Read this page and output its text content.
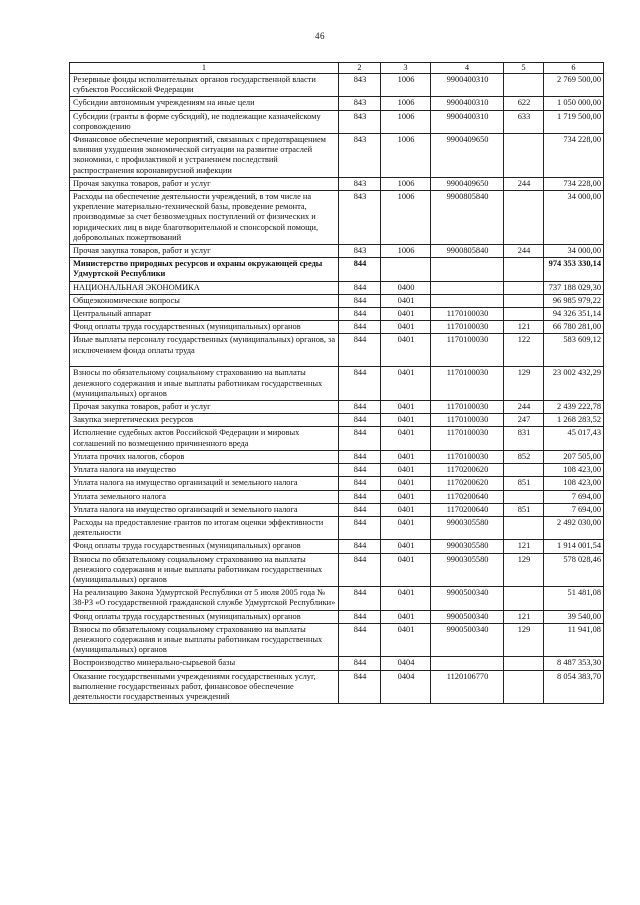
46
1	2	3	4	5	6
Резервные фонды исполнительных органов государственной власти субъектов Российской Федерации	843	1006	9900400310		2 769 500,00
Субсидии автономным учреждениям на иные цели	843	1006	9900400310	622	1 050 000,00
Субсидии (гранты в форме субсидий), не подлежащие казначейскому сопровождению	843	1006	9900400310	633	1 719 500,00
Финансовое обеспечение мероприятий, связанных с предотвращением влияния ухудшения экономической ситуации на развитие отраслей экономики, с профилактикой и устранением последствий распространения коронавирусной инфекции	843	1006	9900409650		734 228,00
Прочая закупка товаров, работ и услуг	843	1006	9900409650	244	734 228,00
Расходы на обеспечение деятельности учреждений, в том числе на укрепление материально-технической базы, проведение ремонта, производимые за счет безвозмездных поступлений от физических и юридических лиц в виде благотворительной и спонсорской помощи, добровольных пожертвований	843	1006	9900805840		34 000,00
Прочая закупка товаров, работ и услуг	843	1006	9900805840	244	34 000,00
Министерство природных ресурсов и охраны окружающей среды Удмуртской Республики	844				974 353 330,14
НАЦИОНАЛЬНАЯ ЭКОНОМИКА	844	0400			737 188 029,30
Общеэкономические вопросы	844	0401			96 985 979,22
Центральный аппарат	844	0401	1170100030		94 326 351,14
Фонд оплаты труда государственных (муниципальных) органов	844	0401	1170100030	121	66 780 281,00
Иные выплаты персоналу государственных (муниципальных) органов, за исключением фонда оплаты труда	844	0401	1170100030	122	583 609,12
Взносы по обязательному социальному страхованию на выплаты денежного содержания и иные выплаты работникам государственных (муниципальных) органов	844	0401	1170100030	129	23 002 432,29
Прочая закупка товаров, работ и услуг	844	0401	1170100030	244	2 439 222,78
Закупка энергетических ресурсов	844	0401	1170100030	247	1 268 283,52
Исполнение судебных актов Российской Федерации и мировых соглашений по возмещению причиненного вреда	844	0401	1170100030	831	45 017,43
Уплата прочих налогов, сборов	844	0401	1170100030	852	207 505,00
Уплата налога на имущество	844	0401	1170200620		108 423,00
Уплата налога на имущество организаций и земельного налога	844	0401	1170200620	851	108 423,00
Уплата земельного налога	844	0401	1170200640		7 694,00
Уплата налога на имущество организаций и земельного налога	844	0401	1170200640	851	7 694,00
Расходы на предоставление грантов по итогам оценки эффективности деятельности	844	0401	9900305580		2 492 030,00
Фонд оплаты труда государственных (муниципальных) органов	844	0401	9900305580	121	1 914 001,54
Взносы по обязательному социальному страхованию на выплаты денежного содержания и иные выплаты работникам государственных (муниципальных) органов	844	0401	9900305580	129	578 028,46
На реализацию Закона Удмуртской Республики от 5 июля 2005 года № 38-РЗ «О государственной гражданской службе Удмуртской Республики»	844	0401	9900500340		51 481,08
Фонд оплаты труда государственных (муниципальных) органов	844	0401	9900500340	121	39 540,00
Взносы по обязательному социальному страхованию на выплаты денежного содержания и иные выплаты работникам государственных (муниципальных) органов	844	0401	9900500340	129	11 941,08
Воспроизводство минерально-сырьевой базы	844	0404			8 487 353,30
Оказание государственными учреждениями государственных услуг, выполнение государственных работ, финансовое обеспечение деятельности государственных учреждений	844	0404	1120106770		8 054 383,70
